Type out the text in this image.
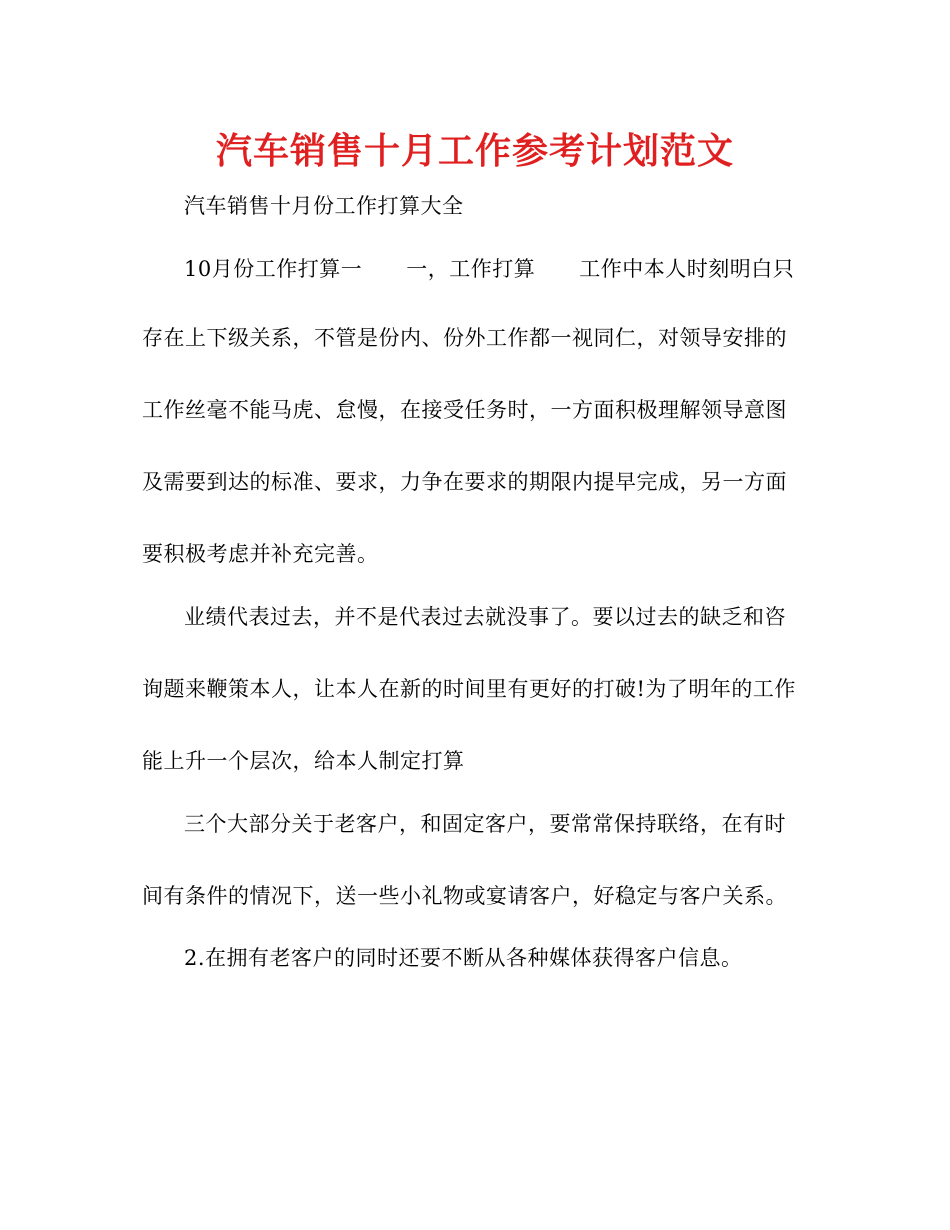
汽车销售十月工作参考计划范文
汽车销售十月份工作打算大全
10月份工作打算一 一，工作打算 工作中本人时刻明白只
存在上下级关系，不管是份内、份外工作都一视同仁，对领导安排的
工作丝毫不能马虎、怠慢，在接受任务时，一方面积极理解领导意图
及需要到达的标准、要求，力争在要求的期限内提早完成，另一方面
要积极考虑并补充完善。
业绩代表过去，并不是代表过去就没事了。要以过去的缺乏和咨
询题来鞭策本人，让本人在新的时间里有更好的打破!为了明年的工作
能上升一个层次，给本人制定打算
三个大部分关于老客户，和固定客户，要常常保持联络，在有时
间有条件的情况下，送一些小礼物或宴请客户，好稳定与客户关系。
2.在拥有老客户的同时还要不断从各种媒体获得客户信息。
